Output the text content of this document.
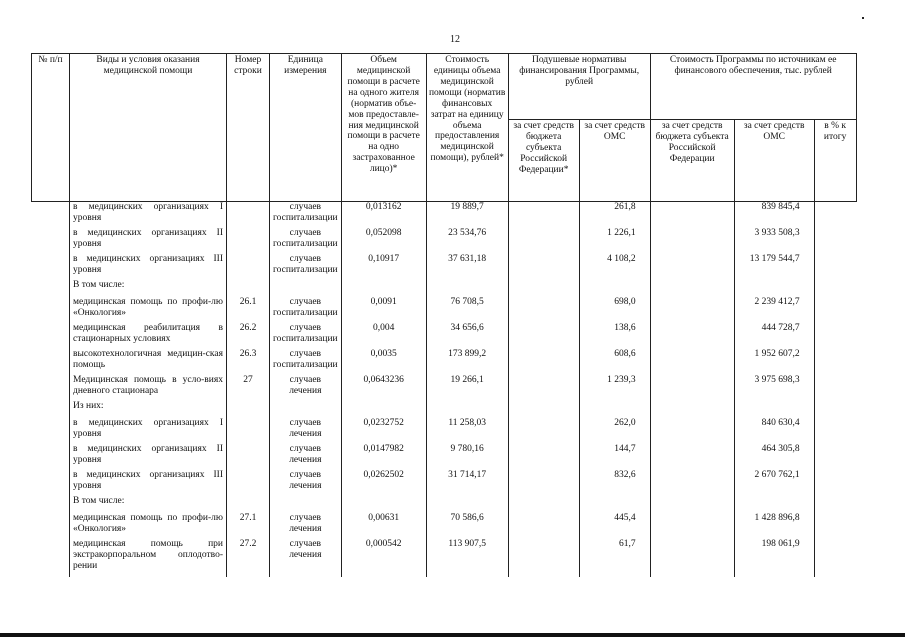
12
№ п/п	Виды и условия оказания медицинской помощи	Номер строки	Единица измерения	Объем медицинской помощи в расчете на одного жителя (норматив объе-мов предоставле-ния медицинской помощи в расчете на одно застрахованное лицо)*	Стоимость единицы объема медицинской помощи (норматив финансовых затрат на единицу объема предоставления медицинской помощи), рублей*	Подушевые нормативы финансирования Программы, рублей		Стоимость Программы по источникам ее финансового обеспечения, тыс. рублей		
						за счет средств бюджета субъекта Российской Федерации*	за счет средств ОМС	за счет средств бюджета субъекта Российской Федерации	за счет средств ОМС	в % к итогу
	в медицинских организациях I уровня		случаев госпитализации	0,013162	19 889,7		261,8		839 845,4	
	в медицинских организациях II уровня		случаев госпитализации	0,052098	23 534,76		1 226,1		3 933 508,3	
	в медицинских организациях III уровня		случаев госпитализации	0,10917	37 631,18		4 108,2		13 179 544,7	
	В том числе:									
	медицинская помощь по профи-лю «Онкология»	26.1	случаев госпитализации	0,0091	76 708,5		698,0		2 239 412,7	
	медицинская реабилитация в стационарных условиях	26.2	случаев госпитализации	0,004	34 656,6		138,6		444 728,7	
	высокотехнологичная медицин-ская помощь	26.3	случаев госпитализации	0,0035	173 899,2		608,6		1 952 607,2	
	Медицинская помощь в усло-виях дневного стационара	27	случаев лечения	0,0643236	19 266,1		1 239,3		3 975 698,3	
	Из них:									
	в медицинских организациях I уровня		случаев лечения	0,0232752	11 258,03		262,0		840 630,4	
	в медицинских организациях II уровня		случаев лечения	0,0147982	9 780,16		144,7		464 305,8	
	в медицинских организациях III уровня		случаев лечения	0,0262502	31 714,17		832,6		2 670 762,1	
	В том числе:									
	медицинская помощь по профи-лю «Онкология»	27.1	случаев лечения	0,00631	70 586,6		445,4		1 428 896,8	
	медицинская помощь при экстракорпоральном оплодотво-рении	27.2	случаев лечения	0,000542	113 907,5		61,7		198 061,9	
